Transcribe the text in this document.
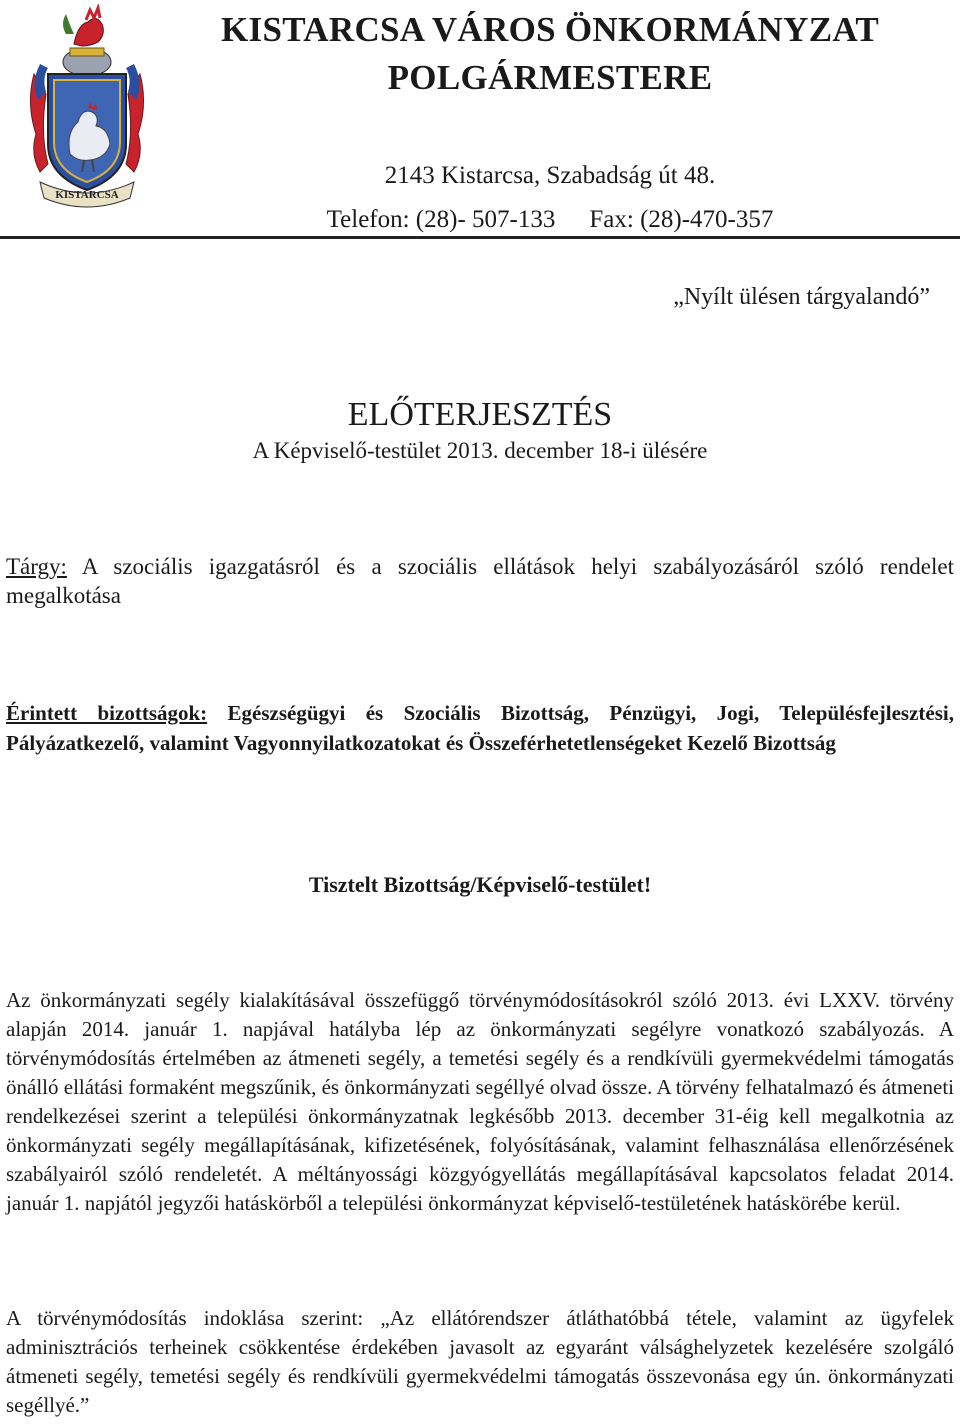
KISTARCSA
KISTARCSA VÁROS ÖNKORMÁNYZAT
POLGÁRMESTERE
2143 Kistarcsa, Szabadság út 48.
Telefon: (28)- 507-133 Fax: (28)-470-357
„Nyílt ülésen tárgyalandó”
ELŐTERJESZTÉS
A Képviselő-testület 2013. december 18-i ülésére
Tárgy: A szociális igazgatásról és a szociális ellátások helyi szabályozásáról szóló rendelet megalkotása
Érintett bizottságok: Egészségügyi és Szociális Bizottság, Pénzügyi, Jogi, Településfejlesztési, Pályázatkezelő, valamint Vagyonnyilatkozatokat és Összeférhetetlenségeket Kezelő Bizottság
Tisztelt Bizottság/Képviselő-testület!
Az önkormányzati segély kialakításával összefüggő törvénymódosításokról szóló 2013. évi LXXV. törvény alapján 2014. január 1. napjával hatályba lép az önkormányzati segélyre vonatkozó szabályozás. A törvénymódosítás értelmében az átmeneti segély, a temetési segély és a rendkívüli gyermekvédelmi támogatás önálló ellátási formaként megszűnik, és önkormányzati segéllyé olvad össze. A törvény felhatalmazó és átmeneti rendelkezései szerint a települési önkormányzatnak legkésőbb 2013. december 31-éig kell megalkotnia az önkormányzati segély megállapításának, kifizetésének, folyósításának, valamint felhasználása ellenőrzésének szabályairól szóló rendeletét. A méltányossági közgyógyellátás megállapításával kapcsolatos feladat 2014. január 1. napjától jegyzői hatáskörből a települési önkormányzat képviselő-testületének hatáskörébe kerül.
A törvénymódosítás indoklása szerint: „Az ellátórendszer átláthatóbbá tétele, valamint az ügyfelek adminisztrációs terheinek csökkentése érdekében javasolt az egyaránt válsághelyzetek kezelésére szolgáló átmeneti segély, temetési segély és rendkívüli gyermekvédelmi támogatás összevonása egy ún. önkormányzati segéllyé.”
